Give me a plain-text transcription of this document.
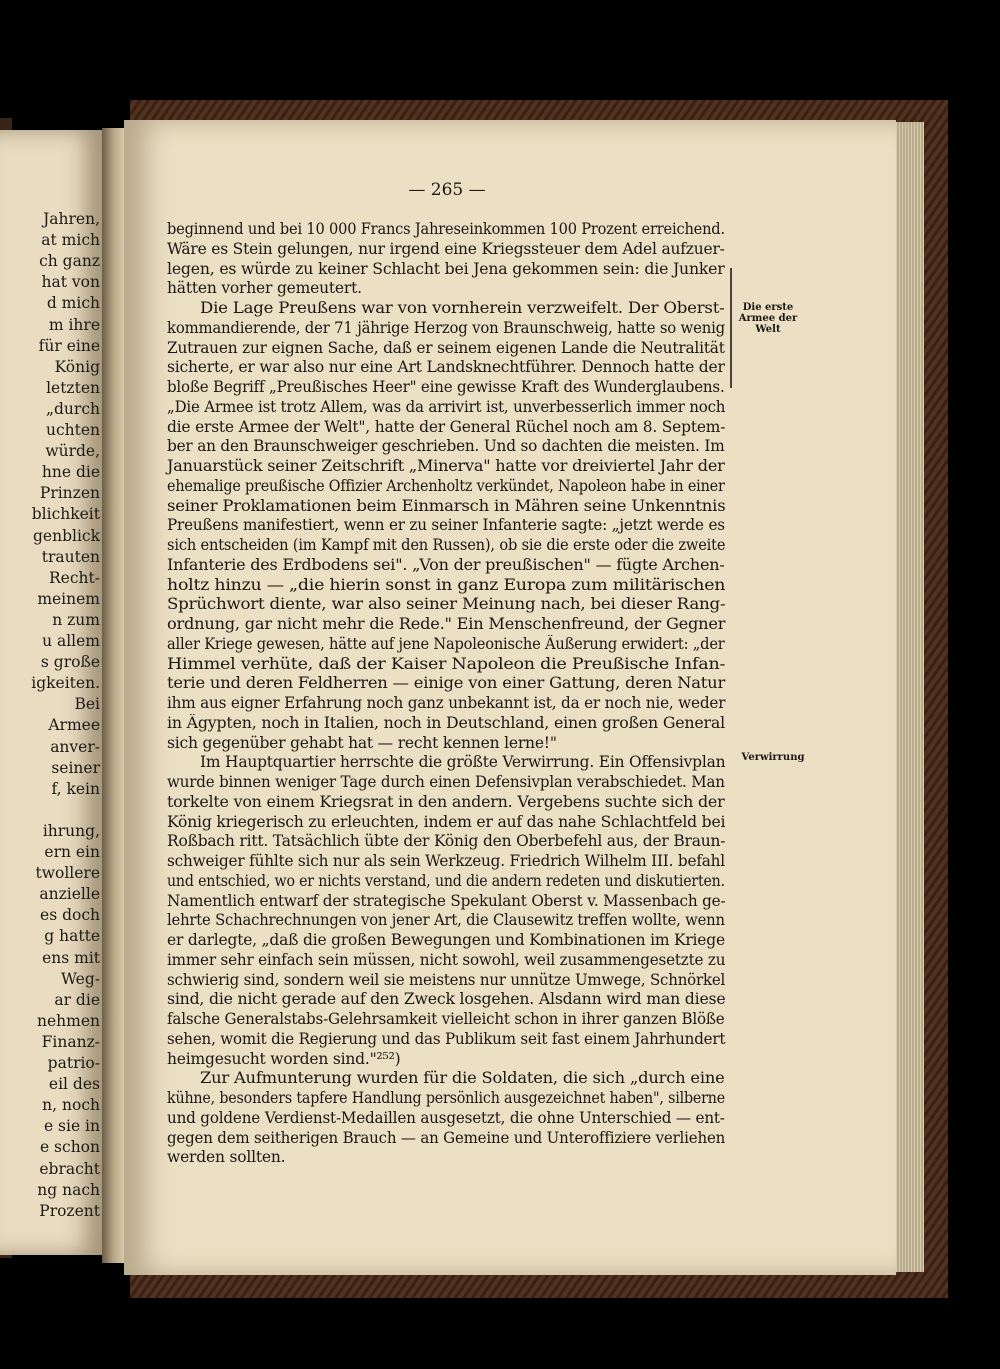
Jahren,
at mich
ch ganz
hat von
d mich
m ihre
für eine
König
letzten
„durch
uchten
würde,
hne die
Prinzen
blichkeit
genblick
trauten
Recht-
meinem
n zum
u allem
s große
igkeiten.
Bei
Armee
anver-
seiner
f, kein
ihrung,
ern ein
twollere
anzielle
es doch
g hatte
ens mit
Weg-
ar die
nehmen
Finanz-
patrio-
eil des
n, noch
e sie in
e schon
ebracht
ng nach
Prozent
— 265 —
beginnend und bei 10 000 Francs Jahreseinkommen 100 Prozent erreichend.
Wäre es Stein gelungen, nur irgend eine Kriegssteuer dem Adel aufzuer-
legen, es würde zu keiner Schlacht bei Jena gekommen sein: die Junker
hätten vorher gemeutert.
Die Lage Preußens war von vornherein verzweifelt. Der Oberst-
kommandierende, der 71 jährige Herzog von Braunschweig, hatte so wenig
Zutrauen zur eignen Sache, daß er seinem eigenen Lande die Neutralität
sicherte, er war also nur eine Art Landsknechtführer. Dennoch hatte der
bloße Begriff „Preußisches Heer" eine gewisse Kraft des Wunderglaubens.
„Die Armee ist trotz Allem, was da arrivirt ist, unverbesserlich immer noch
die erste Armee der Welt", hatte der General Rüchel noch am 8. Septem-
ber an den Braunschweiger geschrieben. Und so dachten die meisten. Im
Januarstück seiner Zeitschrift „Minerva" hatte vor dreiviertel Jahr der
ehemalige preußische Offizier Archenholtz verkündet, Napoleon habe in einer
seiner Proklamationen beim Einmarsch in Mähren seine Unkenntnis
Preußens manifestiert, wenn er zu seiner Infanterie sagte: „jetzt werde es
sich entscheiden (im Kampf mit den Russen), ob sie die erste oder die zweite
Infanterie des Erdbodens sei". „Von der preußischen" — fügte Archen-
holtz hinzu — „die hierin sonst in ganz Europa zum militärischen
Sprüchwort diente, war also seiner Meinung nach, bei dieser Rang-
ordnung, gar nicht mehr die Rede." Ein Menschenfreund, der Gegner
aller Kriege gewesen, hätte auf jene Napoleonische Äußerung erwidert: „der
Himmel verhüte, daß der Kaiser Napoleon die Preußische Infan-
terie und deren Feldherren — einige von einer Gattung, deren Natur
ihm aus eigner Erfahrung noch ganz unbekannt ist, da er noch nie, weder
in Ägypten, noch in Italien, noch in Deutschland, einen großen General
sich gegenüber gehabt hat — recht kennen lerne!"
Im Hauptquartier herrschte die größte Verwirrung. Ein Offensivplan
wurde binnen weniger Tage durch einen Defensivplan verabschiedet. Man
torkelte von einem Kriegsrat in den andern. Vergebens suchte sich der
König kriegerisch zu erleuchten, indem er auf das nahe Schlachtfeld bei
Roßbach ritt. Tatsächlich übte der König den Oberbefehl aus, der Braun-
schweiger fühlte sich nur als sein Werkzeug. Friedrich Wilhelm III. befahl
und entschied, wo er nichts verstand, und die andern redeten und diskutierten.
Namentlich entwarf der strategische Spekulant Oberst v. Massenbach ge-
lehrte Schachrechnungen von jener Art, die Clausewitz treffen wollte, wenn
er darlegte, „daß die großen Bewegungen und Kombinationen im Kriege
immer sehr einfach sein müssen, nicht sowohl, weil zusammengesetzte zu
schwierig sind, sondern weil sie meistens nur unnütze Umwege, Schnörkel
sind, die nicht gerade auf den Zweck losgehen. Alsdann wird man diese
falsche Generalstabs-Gelehrsamkeit vielleicht schon in ihrer ganzen Blöße
sehen, womit die Regierung und das Publikum seit fast einem Jahrhundert
heimgesucht worden sind."²⁵²)
Zur Aufmunterung wurden für die Soldaten, die sich „durch eine
kühne, besonders tapfere Handlung persönlich ausgezeichnet haben", silberne
und goldene Verdienst-Medaillen ausgesetzt, die ohne Unterschied — ent-
gegen dem seitherigen Brauch — an Gemeine und Unteroffiziere verliehen
werden sollten.
Die erste
Armee der
Welt
Verwirrung
